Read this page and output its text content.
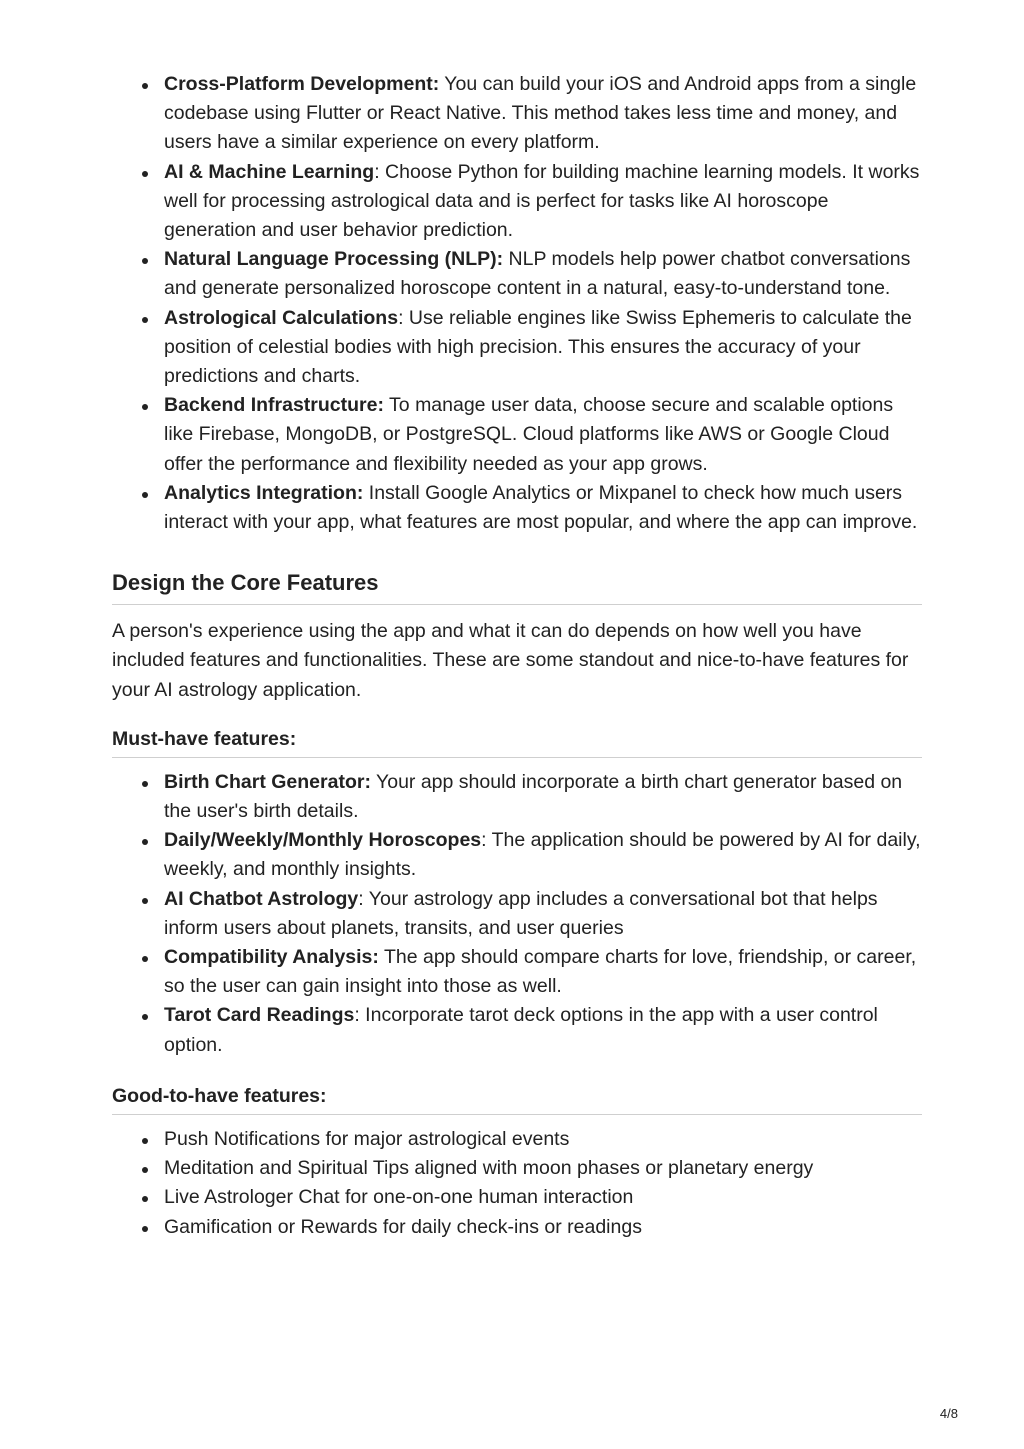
Cross-Platform Development: You can build your iOS and Android apps from a single codebase using Flutter or React Native. This method takes less time and money, and users have a similar experience on every platform.
AI & Machine Learning: Choose Python for building machine learning models. It works well for processing astrological data and is perfect for tasks like AI horoscope generation and user behavior prediction.
Natural Language Processing (NLP): NLP models help power chatbot conversations and generate personalized horoscope content in a natural, easy-to-understand tone.
Astrological Calculations: Use reliable engines like Swiss Ephemeris to calculate the position of celestial bodies with high precision. This ensures the accuracy of your predictions and charts.
Backend Infrastructure: To manage user data, choose secure and scalable options like Firebase, MongoDB, or PostgreSQL. Cloud platforms like AWS or Google Cloud offer the performance and flexibility needed as your app grows.
Analytics Integration: Install Google Analytics or Mixpanel to check how much users interact with your app, what features are most popular, and where the app can improve.
Design the Core Features

A person's experience using the app and what it can do depends on how well you have included features and functionalities. These are some standout and nice-to-have features for your AI astrology application.

Must-have features:
Birth Chart Generator: Your app should incorporate a birth chart generator based on the user's birth details.
Daily/Weekly/Monthly Horoscopes: The application should be powered by AI for daily, weekly, and monthly insights.
AI Chatbot Astrology: Your astrology app includes a conversational bot that helps inform users about planets, transits, and user queries
Compatibility Analysis: The app should compare charts for love, friendship, or career, so the user can gain insight into those as well.
Tarot Card Readings: Incorporate tarot deck options in the app with a user control option.
Good-to-have features:
Push Notifications for major astrological events
Meditation and Spiritual Tips aligned with moon phases or planetary energy
Live Astrologer Chat for one-on-one human interaction
Gamification or Rewards for daily check-ins or readings
4/8
